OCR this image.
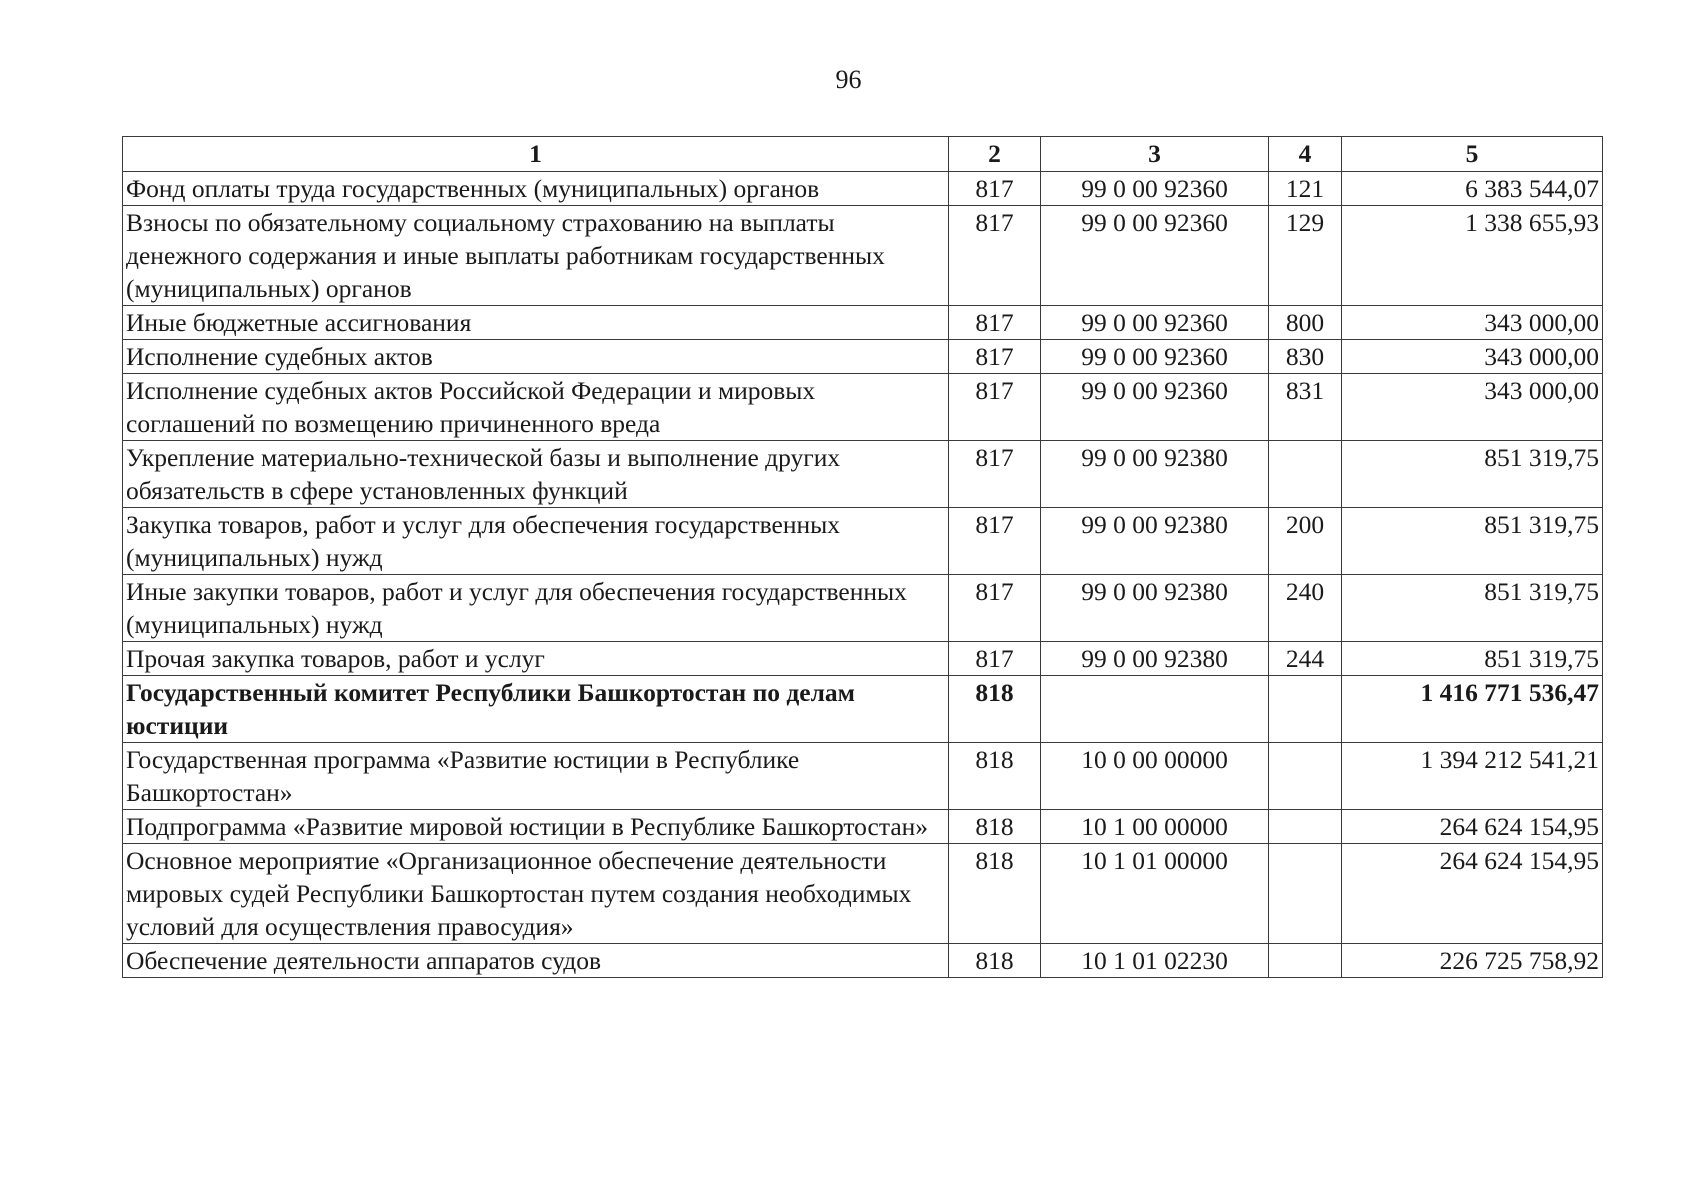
96
1	2	3	4	5
Фонд оплаты труда государственных (муниципальных) органов	817	99 0 00 92360	121	6 383 544,07
Взносы по обязательному социальному страхованию на выплаты денежного содержания и иные выплаты работникам государственных (муниципальных) органов	817	99 0 00 92360	129	1 338 655,93
Иные бюджетные ассигнования	817	99 0 00 92360	800	343 000,00
Исполнение судебных актов	817	99 0 00 92360	830	343 000,00
Исполнение судебных актов Российской Федерации и мировых соглашений по возмещению причиненного вреда	817	99 0 00 92360	831	343 000,00
Укрепление материально-технической базы и выполнение других обязательств в сфере установленных функций	817	99 0 00 92380		851 319,75
Закупка товаров, работ и услуг для обеспечения государственных (муниципальных) нужд	817	99 0 00 92380	200	851 319,75
Иные закупки товаров, работ и услуг для обеспечения государственных (муниципальных) нужд	817	99 0 00 92380	240	851 319,75
Прочая закупка товаров, работ и услуг	817	99 0 00 92380	244	851 319,75
Государственный комитет Республики Башкортостан по делам юстиции	818			1 416 771 536,47
Государственная программа «Развитие юстиции в Республике Башкортостан»	818	10 0 00 00000		1 394 212 541,21
Подпрограмма «Развитие мировой юстиции в Республике Башкортостан»	818	10 1 00 00000		264 624 154,95
Основное мероприятие «Организационное обеспечение деятельности мировых судей Республики Башкортостан путем создания необходимых условий для осуществления правосудия»	818	10 1 01 00000		264 624 154,95
Обеспечение деятельности аппаратов судов	818	10 1 01 02230		226 725 758,92
